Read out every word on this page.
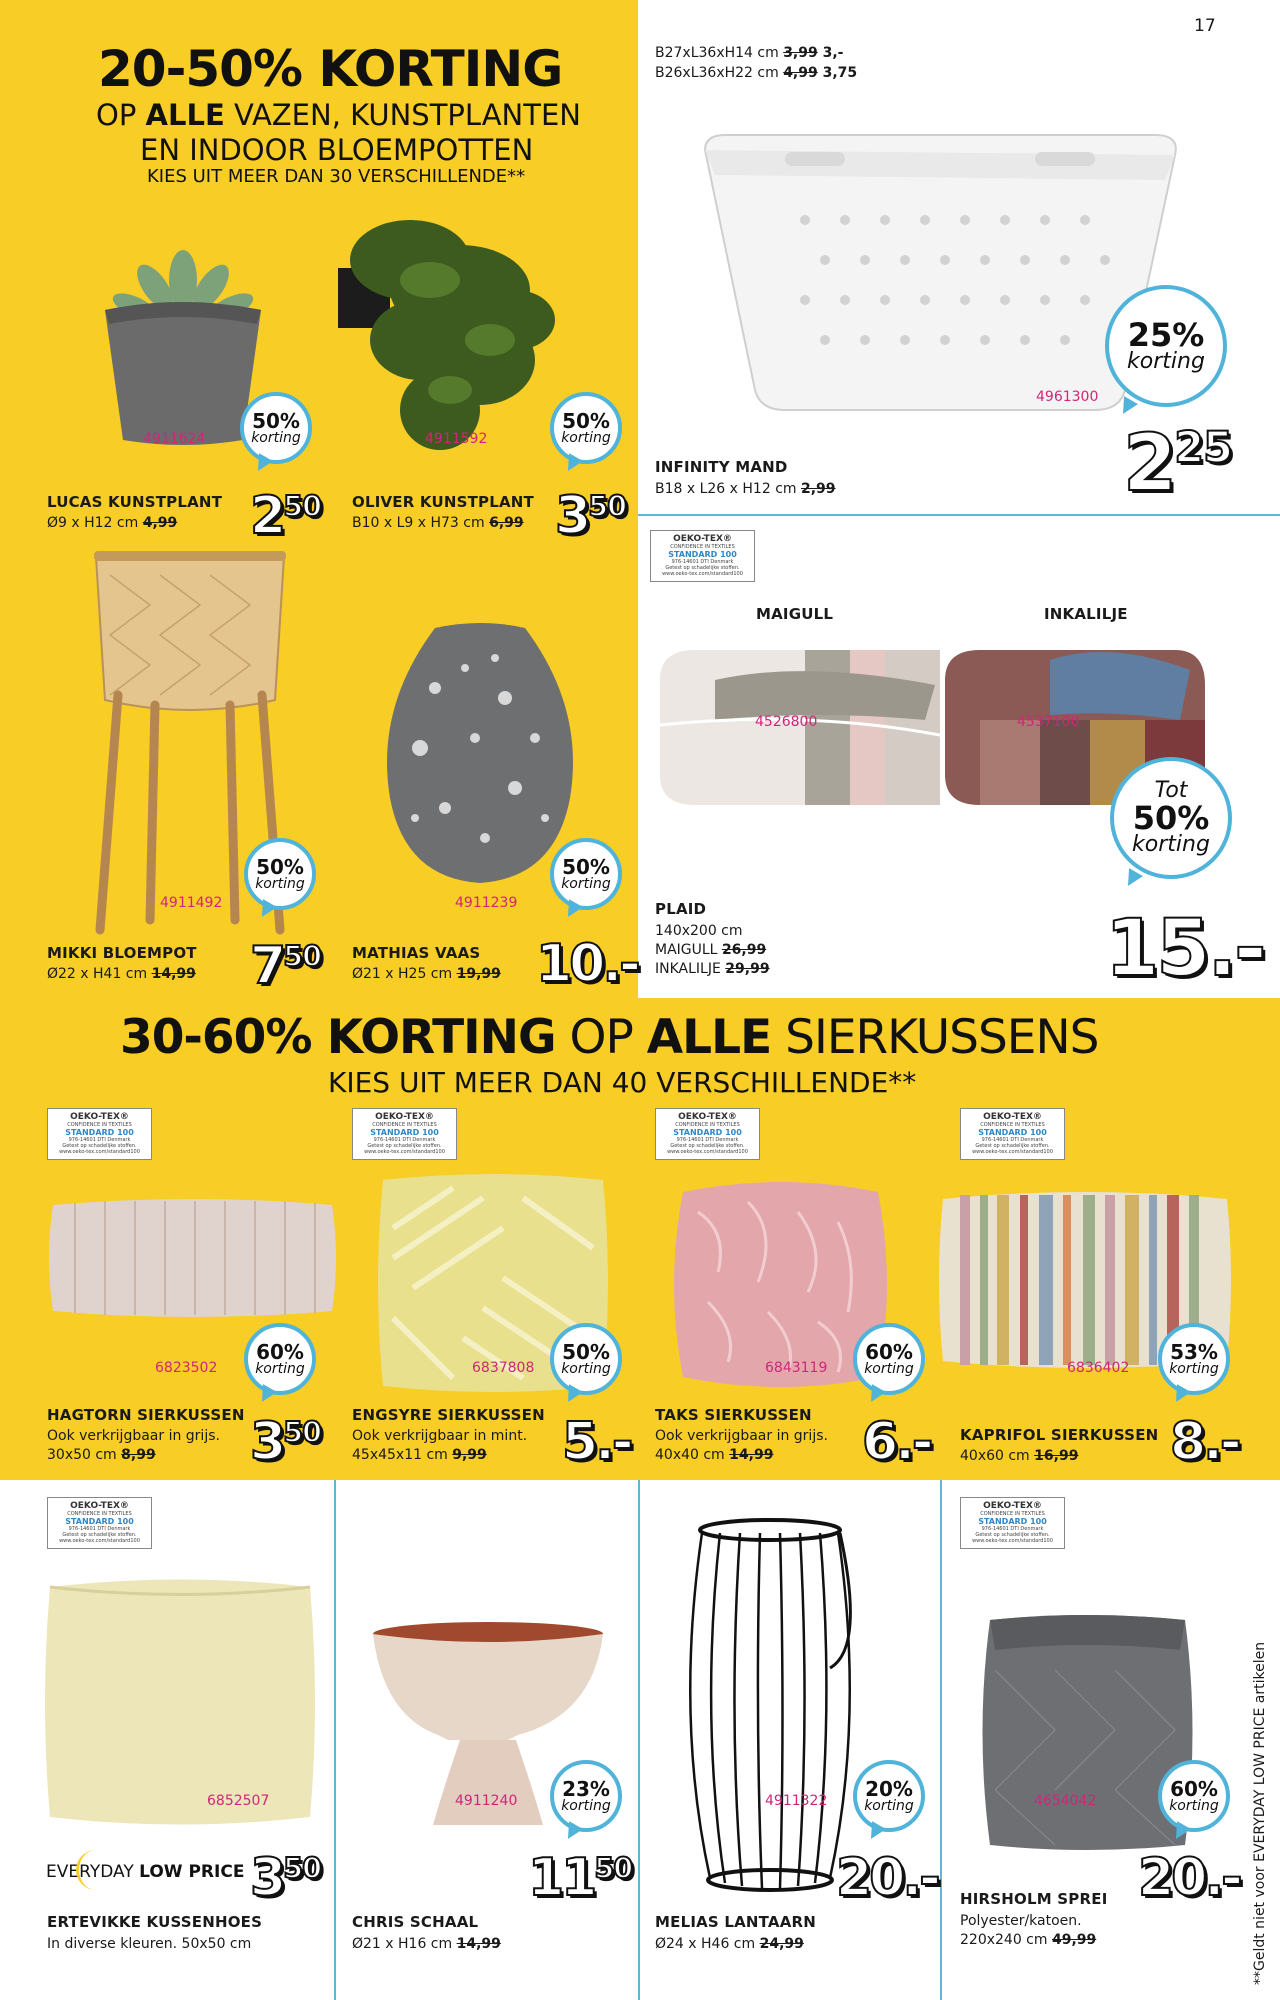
17
20-50% KORTING
OP ALLE VAZEN, KUNSTPLANTEN
EN INDOOR BLOEMPOTTEN
KIES UIT MEER DAN 30 VERSCHILLENDE**
4911624
50%
korting
LUCAS KUNSTPLANT
Ø9 x H12 cm 4,99 $2^{50}$
4911592
50%
korting
OLIVER KUNSTPLANT
B10 x L9 x H73 cm 6,99 $3^{50}$
4911492
50%
korting
MIKKI BLOEMPOT
Ø22 x H41 cm 14,99 $7^{50}$
4911239
50%
korting
MATHIAS VAAS
Ø21 x H25 cm 19,99 10.-
B27xL36xH14 cm 3,99 3,-
B26xL36xH22 cm 4,99 3,75
4961300
25%
korting
INFINITY MAND
B18 x L26 x H12 cm 2,99	$2^{25}$
OEKO-TEX®
CONFIDENCE IN TEXTILES
STANDARD 100
976-14601 DTI Denmark
Getest op schadelijke stoffen.
www.oeko-tex.com/standard100
MAIGULL	INKALILJE
4526800	4537100
Tot
50%
korting
PLAID
140x200 cm
MAIGULL 26,99
INKALILJE 29,99	15.-
30-60% KORTING OP ALLE SIERKUSSENS
KIES UIT MEER DAN 40 VERSCHILLENDE**
OEKO-TEX®
CONFIDENCE IN TEXTILES
STANDARD 100
976-14601 DTI Denmark
Getest op schadelijke stoffen.
www.oeko-tex.com/standard100
OEKO-TEX®
CONFIDENCE IN TEXTILES
STANDARD 100
976-14601 DTI Denmark
Getest op schadelijke stoffen.
www.oeko-tex.com/standard100
OEKO-TEX®
CONFIDENCE IN TEXTILES
STANDARD 100
976-14601 DTI Denmark
Getest op schadelijke stoffen.
www.oeko-tex.com/standard100
OEKO-TEX®
CONFIDENCE IN TEXTILES
STANDARD 100
976-14601 DTI Denmark
Getest op schadelijke stoffen.
www.oeko-tex.com/standard100
6823502
60%
korting
HAGTORN SIERKUSSEN
Ook verkrijgbaar in grijs.
30x50 cm 8,99 $3^{50}$
6837808
50%
korting
ENGSYRE SIERKUSSEN
Ook verkrijgbaar in mint.
45x45x11 cm 9,99 5.-
6843119
60%
korting
TAKS SIERKUSSEN
Ook verkrijgbaar in grijs.
40x40 cm 14,99 6.-
6836402
53%
korting
KAPRIFOL SIERKUSSEN
40x60 cm 16,99 8.-
OEKO-TEX®
CONFIDENCE IN TEXTILES
STANDARD 100
976-14601 DTI Denmark
Getest op schadelijke stoffen.
www.oeko-tex.com/standard100
6852507
EVERYDAY LOW PRICE $3^{50}$
ERTEVIKKE KUSSENHOES
In diverse kleuren. 50x50 cm
4911240 23%
korting
$11^{50}$
CHRIS SCHAAL
Ø21 x H16 cm 14,99
4911322 20%
korting
20.-
MELIAS LANTAARN
Ø24 x H46 cm 24,99
OEKO-TEX®
CONFIDENCE IN TEXTILES
STANDARD 100
976-14601 DTI Denmark
Getest op schadelijke stoffen.
www.oeko-tex.com/standard100
4654042	60%
korting
HIRSHOLM SPREI
Polyester/katoen.
220x240 cm 49,99
20.- **Geldt niet voor EVERYDAY LOW PRICE artikelen
